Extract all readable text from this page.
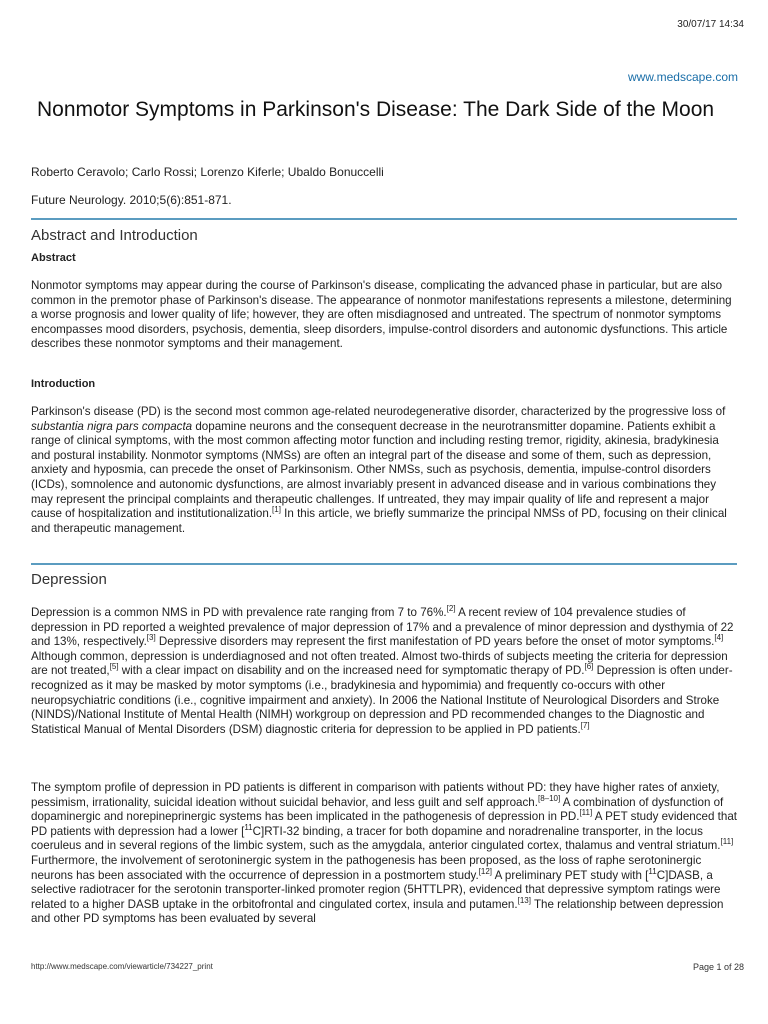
30/07/17 14:34
www.medscape.com
Nonmotor Symptoms in Parkinson's Disease: The Dark Side of the Moon

Roberto Ceravolo; Carlo Rossi; Lorenzo Kiferle; Ubaldo Bonuccelli

Future Neurology. 2010;5(6):851-871.

Abstract and Introduction
Abstract

Nonmotor symptoms may appear during the course of Parkinson's disease, complicating the advanced phase in particular, but are also common in the premotor phase of Parkinson's disease. The appearance of nonmotor manifestations represents a milestone, determining a worse prognosis and lower quality of life; however, they are often misdiagnosed and untreated. The spectrum of nonmotor symptoms encompasses mood disorders, psychosis, dementia, sleep disorders, impulse-control disorders and autonomic dysfunctions. This article describes these nonmotor symptoms and their management.

Introduction

Parkinson's disease (PD) is the second most common age-related neurodegenerative disorder, characterized by the progressive loss of substantia nigra pars compacta dopamine neurons and the consequent decrease in the neurotransmitter dopamine. Patients exhibit a range of clinical symptoms, with the most common affecting motor function and including resting tremor, rigidity, akinesia, bradykinesia and postural instability. Nonmotor symptoms (NMSs) are often an integral part of the disease and some of them, such as depression, anxiety and hyposmia, can precede the onset of Parkinsonism. Other NMSs, such as psychosis, dementia, impulse-control disorders (ICDs), somnolence and autonomic dysfunctions, are almost invariably present in advanced disease and in various combinations they may represent the principal complaints and therapeutic challenges. If untreated, they may impair quality of life and represent a major cause of hospitalization and institutionalization.[1] In this article, we briefly summarize the principal NMSs of PD, focusing on their clinical and therapeutic management.

Depression

Depression is a common NMS in PD with prevalence rate ranging from 7 to 76%.[2] A recent review of 104 prevalence studies of depression in PD reported a weighted prevalence of major depression of 17% and a prevalence of minor depression and dysthymia of 22 and 13%, respectively.[3] Depressive disorders may represent the first manifestation of PD years before the onset of motor symptoms.[4] Although common, depression is underdiagnosed and not often treated. Almost two-thirds of subjects meeting the criteria for depression are not treated,[5] with a clear impact on disability and on the increased need for symptomatic therapy of PD.[6] Depression is often under-recognized as it may be masked by motor symptoms (i.e., bradykinesia and hypomimia) and frequently co-occurs with other neuropsychiatric conditions (i.e., cognitive impairment and anxiety). In 2006 the National Institute of Neurological Disorders and Stroke (NINDS)/National Institute of Mental Health (NIMH) workgroup on depression and PD recommended changes to the Diagnostic and Statistical Manual of Mental Disorders (DSM) diagnostic criteria for depression to be applied in PD patients.[7]

The symptom profile of depression in PD patients is different in comparison with patients without PD: they have higher rates of anxiety, pessimism, irrationality, suicidal ideation without suicidal behavior, and less guilt and self approach.[8–10] A combination of dysfunction of dopaminergic and norepineprinergic systems has been implicated in the pathogenesis of depression in PD.[11] A PET study evidenced that PD patients with depression had a lower [$^{11}$C]RTI-32 binding, a tracer for both dopamine and noradrenaline transporter, in the locus coeruleus and in several regions of the limbic system, such as the amygdala, anterior cingulated cortex, thalamus and ventral striatum.[11] Furthermore, the involvement of serotoninergic system in the pathogenesis has been proposed, as the loss of raphe serotoninergic neurons has been associated with the occurrence of depression in a postmortem study.[12] A preliminary PET study with [$^{11}$C]DASB, a selective radiotracer for the serotonin transporter-linked promoter region (5HTTLPR), evidenced that depressive symptom ratings were related to a higher DASB uptake in the orbitofrontal and cingulated cortex, insula and putamen.[13] The relationship between depression and other PD symptoms has been evaluated by several

http://www.medscape.com/viewarticle/734227_print	Page 1 of 28
